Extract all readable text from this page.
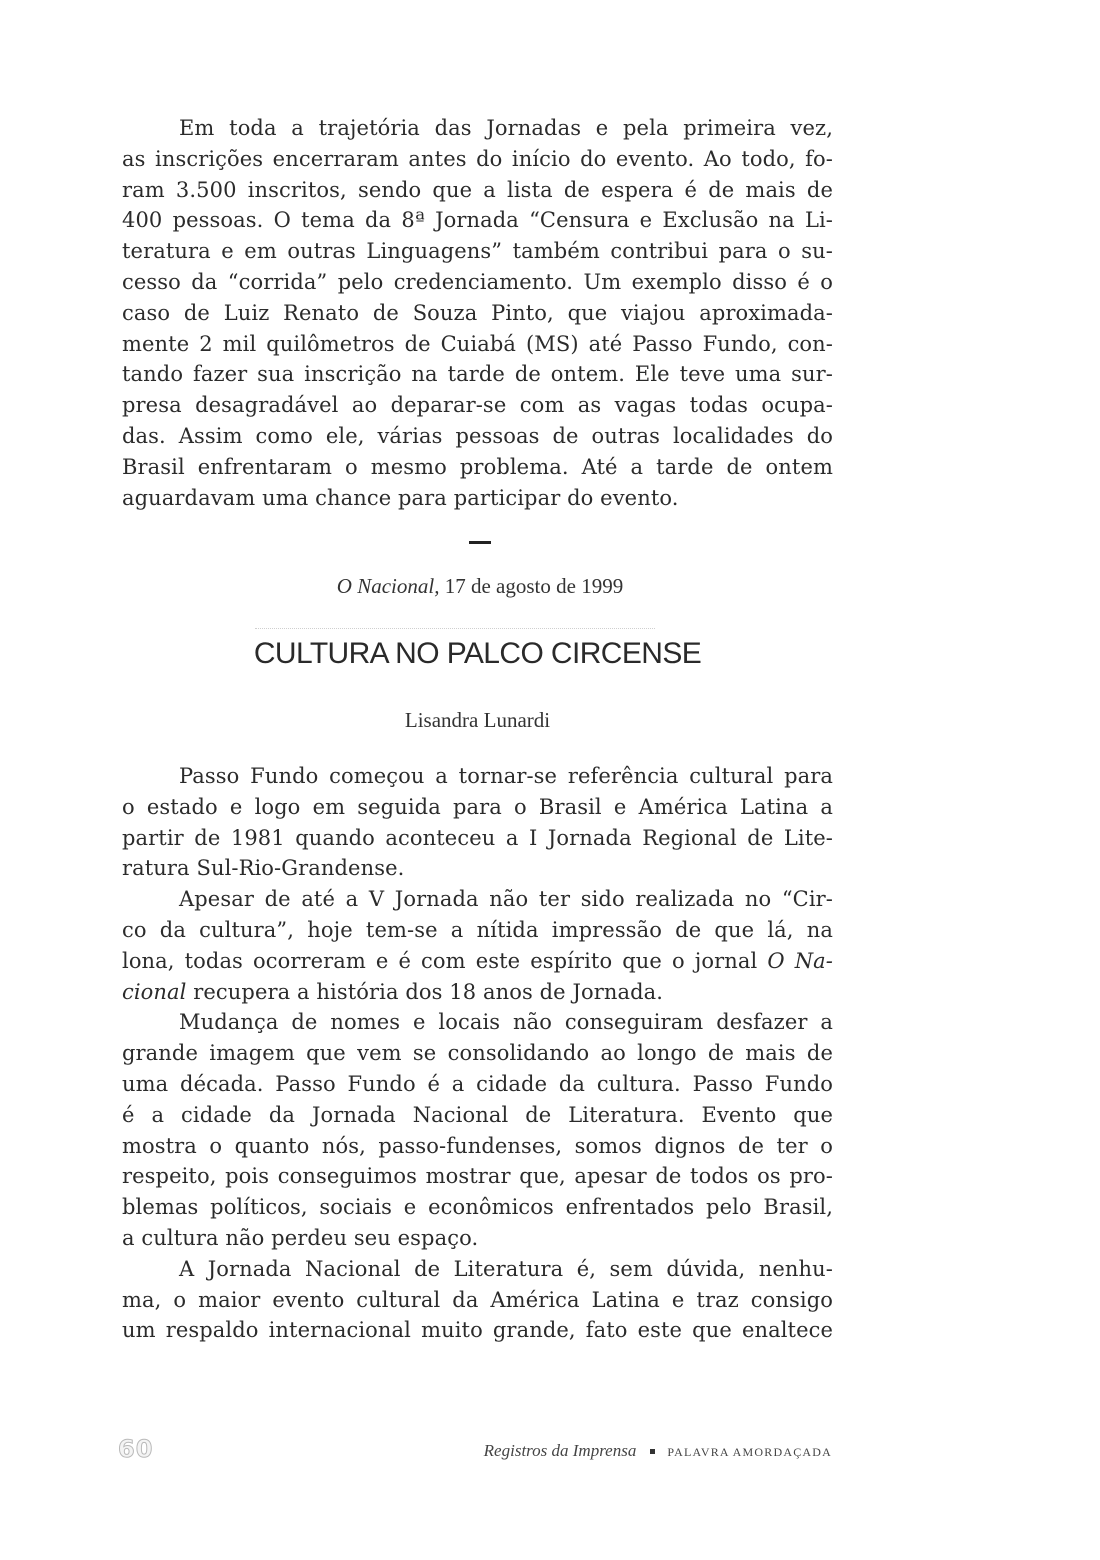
Em toda a trajetória das Jornadas e pela primeira vez,
as inscrições encerraram antes do início do evento. Ao todo, fo-
ram 3.500 inscritos, sendo que a lista de espera é de mais de
400 pessoas. O tema da 8ª Jornada “Censura e Exclusão na Li-
teratura e em outras Linguagens” também contribui para o su-
cesso da “corrida” pelo credenciamento. Um exemplo disso é o
caso de Luiz Renato de Souza Pinto, que viajou aproximada-
mente 2 mil quilômetros de Cuiabá (MS) até Passo Fundo, con-
tando fazer sua inscrição na tarde de ontem. Ele teve uma sur-
presa desagradável ao deparar-se com as vagas todas ocupa-
das. Assim como ele, várias pessoas de outras localidades do
Brasil enfrentaram o mesmo problema. Até a tarde de ontem
aguardavam uma chance para participar do evento.
O Nacional, 17 de agosto de 1999
CULTURA NO PALCO CIRCENSE
Lisandra Lunardi
Passo Fundo começou a tornar-se referência cultural para
o estado e logo em seguida para o Brasil e América Latina a
partir de 1981 quando aconteceu a I Jornada Regional de Lite-
ratura Sul-Rio-Grandense.
Apesar de até a V Jornada não ter sido realizada no “Cir-
co da cultura”, hoje tem-se a nítida impressão de que lá, na
lona, todas ocorreram e é com este espírito que o jornal O Na-
cional recupera a história dos 18 anos de Jornada.
Mudança de nomes e locais não conseguiram desfazer a
grande imagem que vem se consolidando ao longo de mais de
uma década. Passo Fundo é a cidade da cultura. Passo Fundo
é a cidade da Jornada Nacional de Literatura. Evento que
mostra o quanto nós, passo-fundenses, somos dignos de ter o
respeito, pois conseguimos mostrar que, apesar de todos os pro-
blemas políticos, sociais e econômicos enfrentados pelo Brasil,
a cultura não perdeu seu espaço.
A Jornada Nacional de Literatura é, sem dúvida, nenhu-
ma, o maior evento cultural da América Latina e traz consigo
um respaldo internacional muito grande, fato este que enaltece
60	Registros da Imprensa	PALAVRA AMORDAÇADA
